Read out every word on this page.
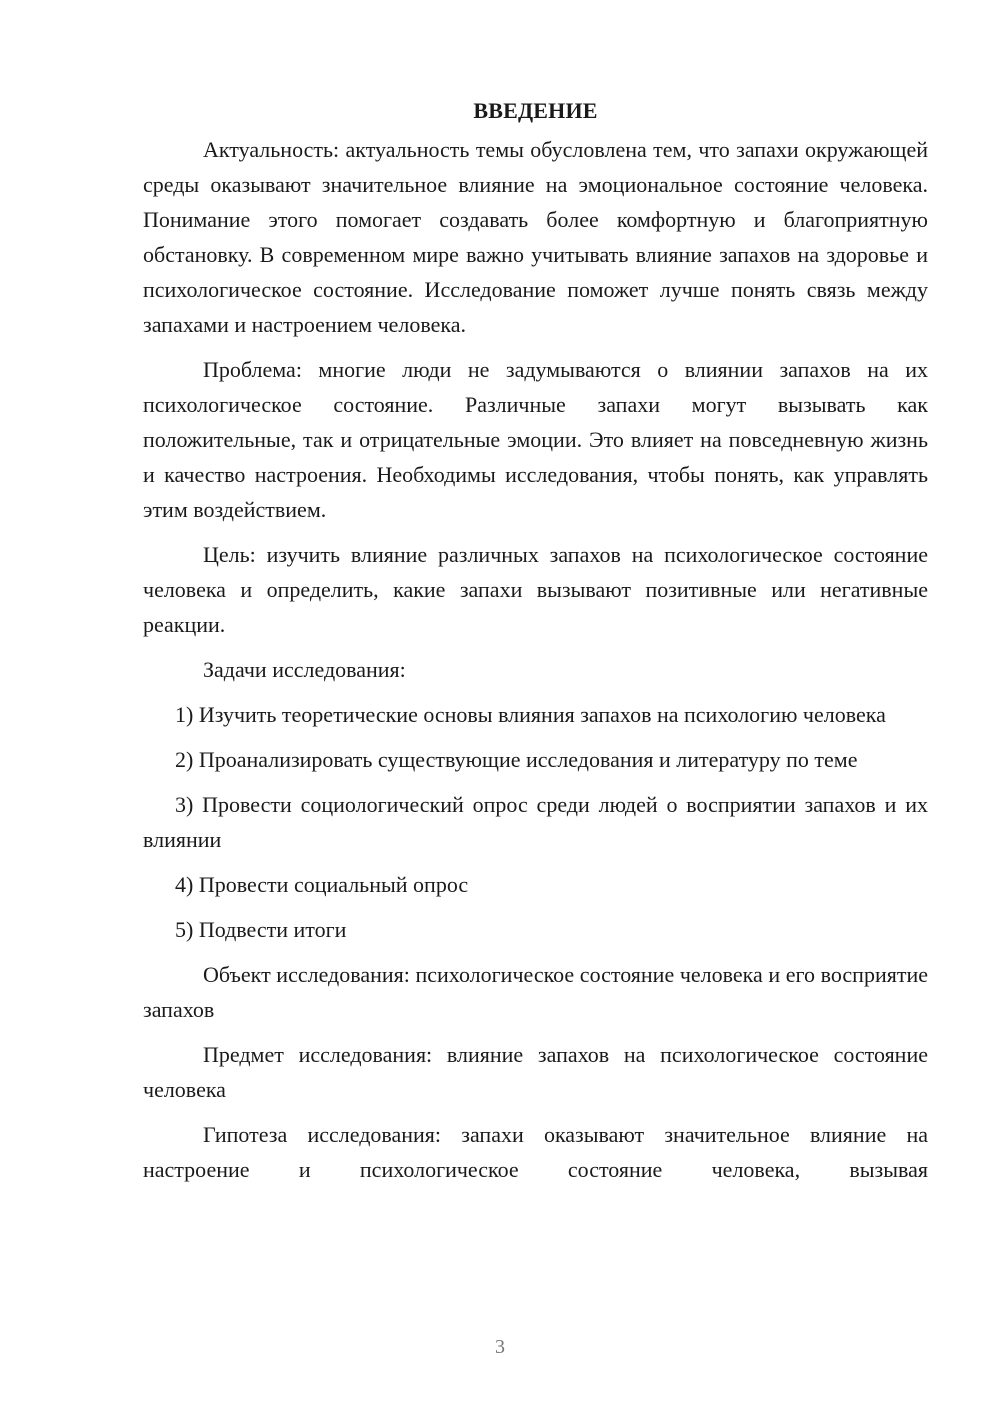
ВВЕДЕНИЕ

Актуальность: актуальность темы обусловлена тем, что запахи окружающей среды оказывают значительное влияние на эмоциональное состояние человека. Понимание этого помогает создавать более комфортную и благоприятную обстановку. В современном мире важно учитывать влияние запахов на здоровье и психологическое состояние. Исследование поможет лучше понять связь между запахами и настроением человека.

Проблема: многие люди не задумываются о влиянии запахов на их психологическое состояние. Различные запахи могут вызывать как положительные, так и отрицательные эмоции. Это влияет на повседневную жизнь и качество настроения. Необходимы исследования, чтобы понять, как управлять этим воздействием.

Цель: изучить влияние различных запахов на психологическое состояние человека и определить, какие запахи вызывают позитивные или негативные реакции.

Задачи исследования:

1) Изучить теоретические основы влияния запахов на психологию человека

2) Проанализировать существующие исследования и литературу по теме

3) Провести социологический опрос среди людей о восприятии запахов и их влиянии

4) Провести социальный опрос

5) Подвести итоги

Объект исследования: психологическое состояние человека и его восприятие запахов

Предмет исследования: влияние запахов на психологическое состояние человека

Гипотеза исследования: запахи оказывают значительное влияние на настроение и психологическое состояние человека, вызывая

3
